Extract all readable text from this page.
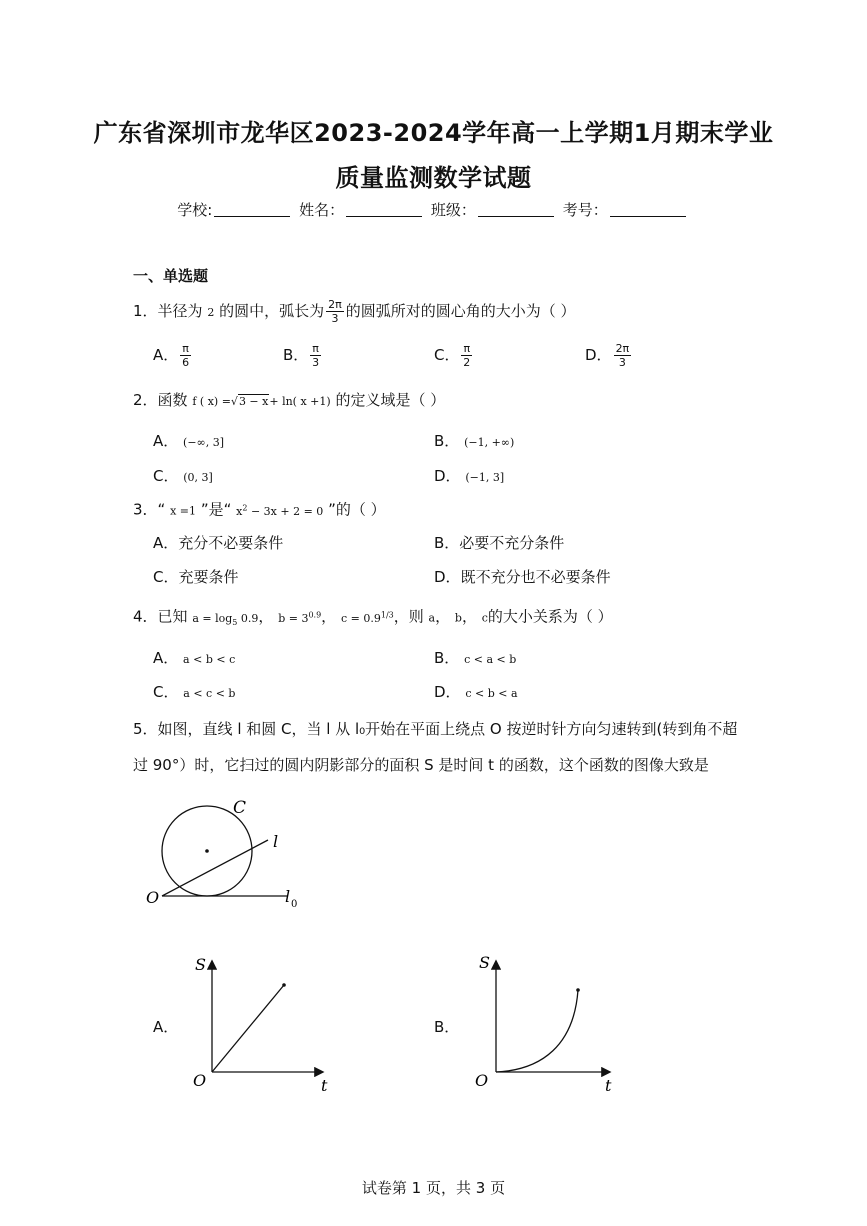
广东省深圳市龙华区2023-2024学年高一上学期1月期末学业
质量监测数学试题
学校:	姓名：	班级：	考号：
一、单选题
1．半径为 2 的圆中，弧长为 $\frac{2\pi}{3}$ 的圆弧所对的圆心角的大小为（ ）
A． $\frac{\pi}{6}$	B． $\frac{\pi}{3}$	C． $\frac{\pi}{2}$	D． $\frac{2\pi}{3}$
2．函数 f ( x) =√3 − x+ ln( x +1) 的定义域是（ ）
A． (−∞, 3]	B． (−1, +∞)
C． (0, 3]	D． (−1, 3]
3．“ x =1 ”是“ $x^2 - 3x + 2 = 0$ ”的（ ）
A．充分不必要条件	B．必要不充分条件
C．充要条件	D．既不充分也不必要条件
4．已知 $a = \log_5 0.9$， $b = 3^{0.9}$， $c = 0.9^{1/3}$，则 a， b， c的大小关系为（ ）
A． a < b < c	B． c < a < b
C． a < c < b	D． c < b < a
5．如图，直线 l 和圆 C，当 l 从 l₀开始在平面上绕点 O 按逆时针方向匀速转到(转到角不超
过 90°）时，它扫过的圆内阴影部分的面积 S 是时间 t 的函数，这个函数的图像大致是
C
l
O	l 0
A．
S
t
O
B．
S
t
O
试卷第 1 页，共 3 页
